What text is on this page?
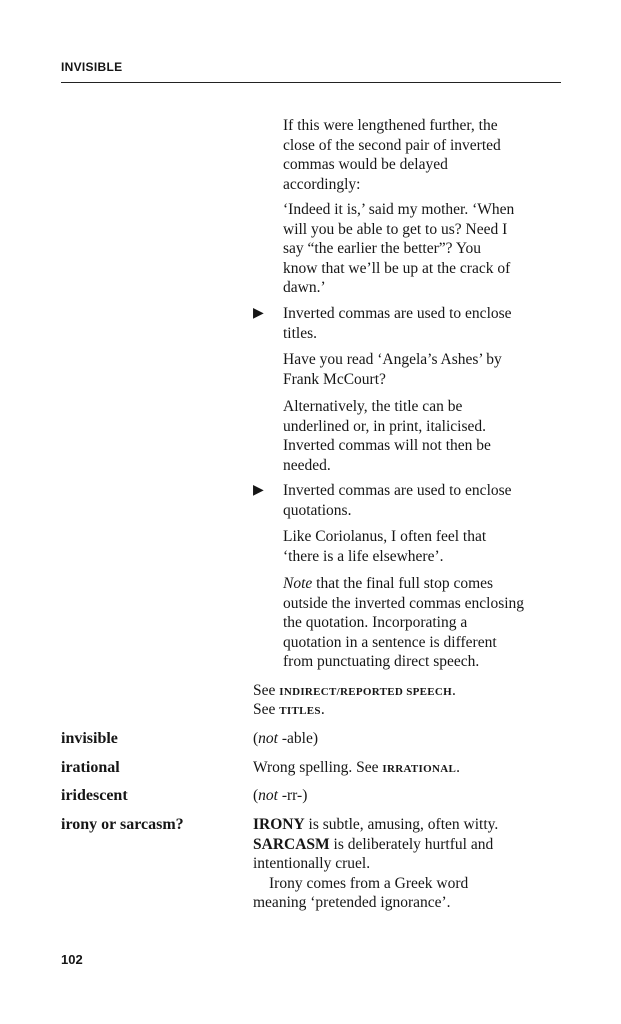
INVISIBLE
If this were lengthened further, the
close of the second pair of inverted
commas would be delayed
accordingly:
‘Indeed it is,’ said my mother. ‘When
will you be able to get to us? Need I
say “the earlier the better”? You
know that we’ll be up at the crack of
dawn.’
▶ Inverted commas are used to enclose
titles.
Have you read ‘Angela’s Ashes’ by
Frank McCourt?
Alternatively, the title can be
underlined or, in print, italicised.
Inverted commas will not then be
needed.
▶ Inverted commas are used to enclose
quotations.
Like Coriolanus, I often feel that
‘there is a life elsewhere’.
Note that the final full stop comes
outside the inverted commas enclosing
the quotation. Incorporating a
quotation in a sentence is different
from punctuating direct speech.
See INDIRECT/REPORTED SPEECH.
See TITLES.
invisible	(not -able)
irational	Wrong spelling. See IRRATIONAL.
iridescent	(not -rr-)
irony or sarcasm?	IRONY is subtle, amusing, often witty.
SARCASM is deliberately hurtful and
intentionally cruel.
Irony comes from a Greek word
meaning ‘pretended ignorance’.
102
